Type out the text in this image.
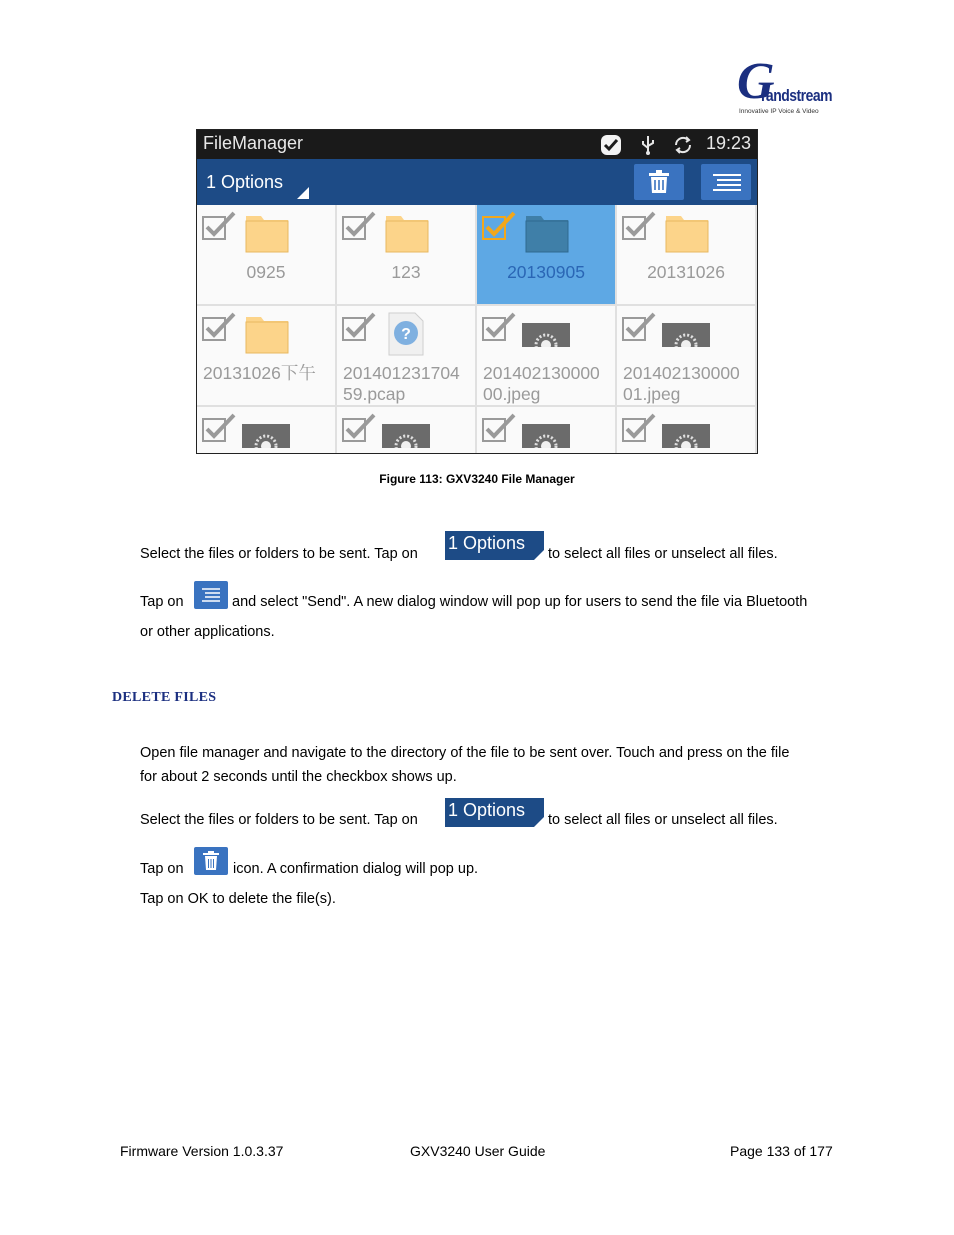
G
randstream
Innovative IP Voice & Video
FileManager	19:23
1 Options
0925	123	20130905	20131026
20131026下午
?
201401231704
59.pcap
201402130000
00.jpeg
201402130000
01.jpeg
Figure 113: GXV3240 File Manager
Select the files or folders to be sent. Tap on
1 Options
to select all files or unselect all files.
Tap on	and select "Send". A new dialog window will pop up for users to send the file via Bluetooth
or other applications.
DELETE FILES
Open file manager and navigate to the directory of the file to be sent over. Touch and press on the file
for about 2 seconds until the checkbox shows up.
Select the files or folders to be sent. Tap on 1 Options to select all files or unselect all files.
Tap on	icon. A confirmation dialog will pop up.
Tap on OK to delete the file(s).
Firmware Version 1.0.3.37	GXV3240 User Guide	Page 133 of 177
